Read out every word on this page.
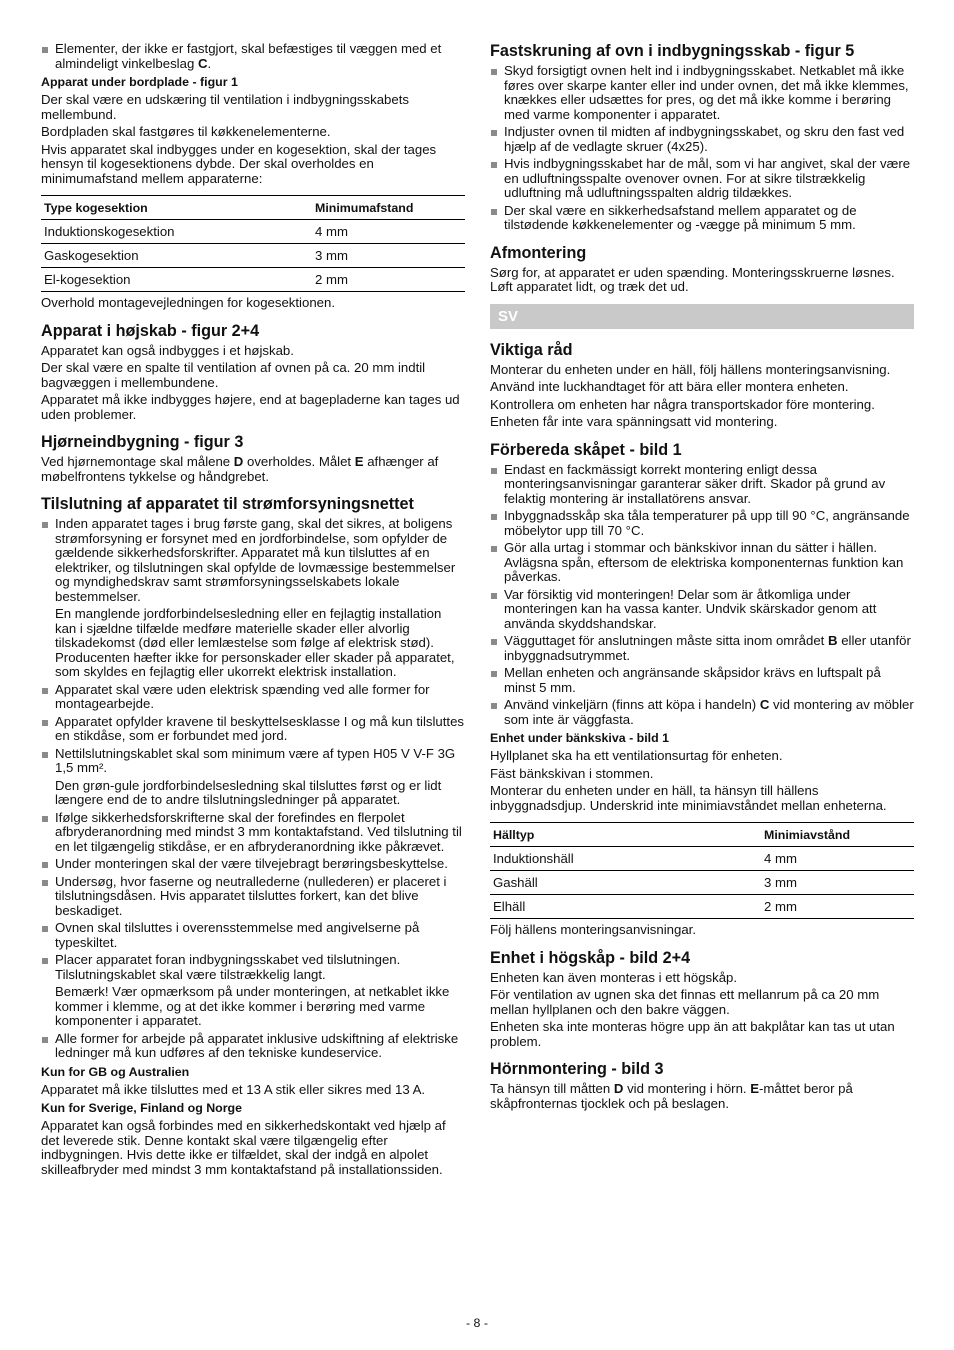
Elementer, der ikke er fastgjort, skal befæstiges til væggen med et almindeligt vinkelbeslag C.

Apparat under bordplade - figur 1

Der skal være en udskæring til ventilation i indbygningsskabets mellembund.

Bordpladen skal fastgøres til køkkenelementerne.

Hvis apparatet skal indbygges under en kogesektion, skal der tages hensyn til kogesektionens dybde. Der skal overholdes en minimumafstand mellem apparaterne:

Type kogesektion	Minimumafstand
Induktionskogesektion	4 mm
Gaskogesektion	3 mm
El-kogesektion	2 mm

Overhold montagevejledningen for kogesektionen.

Apparat i højskab - figur 2+4

Apparatet kan også indbygges i et højskab.

Der skal være en spalte til ventilation af ovnen på ca. 20 mm indtil bagvæggen i mellembundene.

Apparatet må ikke indbygges højere, end at bagepladerne kan tages ud uden problemer.

Hjørneindbygning - figur 3

Ved hjørnemontage skal målene D overholdes. Målet E afhænger af møbelfrontens tykkelse og håndgrebet.

Tilslutning af apparatet til strømforsyningsnettet

Inden apparatet tages i brug første gang, skal det sikres, at boligens strømforsyning er forsynet med en jordforbindelse, som opfylder de gældende sikkerhedsforskrifter. Apparatet må kun tilsluttes af en elektriker, og tilslutningen skal opfylde de lovmæssige bestemmelser og myndighedskrav samt strømforsyningsselskabets lokale bestemmelser.

En manglende jordforbindelsesledning eller en fejlagtig installation kan i sjældne tilfælde medføre materielle skader eller alvorlig tilskadekomst (død eller lemlæstelse som følge af elektrisk stød). Producenten hæfter ikke for personskader eller skader på apparatet, som skyldes en fejlagtig eller ukorrekt elektrisk installation.

Apparatet skal være uden elektrisk spænding ved alle former for montagearbejde.
Apparatet opfylder kravene til beskyttelsesklasse I og må kun tilsluttes en stikdåse, som er forbundet med jord.
Nettilslutningskablet skal som minimum være af typen H05 V V-F 3G 1,5 mm².

Den grøn-gule jordforbindelsesledning skal tilsluttes først og er lidt længere end de to andre tilslutningsledninger på apparatet.

Ifølge sikkerhedsforskrifterne skal der forefindes en flerpolet afbryderanordning med mindst 3 mm kontaktafstand. Ved tilslutning til en let tilgængelig stikdåse, er en afbryderanordning ikke påkrævet.
Under monteringen skal der være tilvejebragt berøringsbeskyttelse.
Undersøg, hvor faserne og neutrallederne (nullederen) er placeret i tilslutningsdåsen. Hvis apparatet tilsluttes forkert, kan det blive beskadiget.
Ovnen skal tilsluttes i overensstemmelse med angivelserne på typeskiltet.
Placer apparatet foran indbygningsskabet ved tilslutningen. Tilslutningskablet skal være tilstrækkelig langt.

Bemærk! Vær opmærksom på under monteringen, at netkablet ikke kommer i klemme, og at det ikke kommer i berøring med varme komponenter i apparatet.

Alle former for arbejde på apparatet inklusive udskiftning af elektriske ledninger må kun udføres af den tekniske kundeservice.

Kun for GB og Australien

Apparatet må ikke tilsluttes med et 13 A stik eller sikres med 13 A.

Kun for Sverige, Finland og Norge

Apparatet kan også forbindes med en sikkerhedskontakt ved hjælp af det leverede stik. Denne kontakt skal være tilgængelig efter indbygningen. Hvis dette ikke er tilfældet, skal der indgå en alpolet skilleafbryder med mindst 3 mm kontaktafstand på installationssiden.

Fastskruning af ovn i indbygningsskab - figur 5

Skyd forsigtigt ovnen helt ind i indbygningsskabet. Netkablet må ikke føres over skarpe kanter eller ind under ovnen, det må ikke klemmes, knækkes eller udsættes for pres, og det må ikke komme i berøring med varme komponenter i apparatet.
Indjuster ovnen til midten af indbygningsskabet, og skru den fast ved hjælp af de vedlagte skruer (4x25).
Hvis indbygningsskabet har de mål, som vi har angivet, skal der være en udluftningsspalte ovenover ovnen. For at sikre tilstrækkelig udluftning må udluftningsspalten aldrig tildækkes.
Der skal være en sikkerhedsafstand mellem apparatet og de tilstødende køkkenelementer og -vægge på minimum 5 mm.

Afmontering

Sørg for, at apparatet er uden spænding. Monteringsskruerne løsnes. Løft apparatet lidt, og træk det ud.

SV

Viktiga råd

Monterar du enheten under en häll, följ hällens monteringsanvisning.

Använd inte luckhandtaget för att bära eller montera enheten.

Kontrollera om enheten har några transportskador före montering.

Enheten får inte vara spänningsatt vid montering.

Förbereda skåpet - bild 1

Endast en fackmässigt korrekt montering enligt dessa monteringsanvisningar garanterar säker drift. Skador på grund av felaktig montering är installatörens ansvar.
Inbyggnadsskåp ska tåla temperaturer på upp till 90 °C, angränsande möbelytor upp till 70 °C.
Gör alla urtag i stommar och bänkskivor innan du sätter i hällen. Avlägsna spån, eftersom de elektriska komponenternas funktion kan påverkas.
Var försiktig vid monteringen! Delar som är åtkomliga under monteringen kan ha vassa kanter. Undvik skärskador genom att använda skyddshandskar.
Vägguttaget för anslutningen måste sitta inom området B eller utanför inbyggnadsutrymmet.
Mellan enheten och angränsande skåpsidor krävs en luftspalt på minst 5 mm.
Använd vinkeljärn (finns att köpa i handeln) C vid montering av möbler som inte är väggfasta.

Enhet under bänkskiva - bild 1

Hyllplanet ska ha ett ventilationsurtag för enheten.

Fäst bänkskivan i stommen.

Monterar du enheten under en häll, ta hänsyn till hällens inbyggnadsdjup. Underskrid inte minimiavståndet mellan enheterna.

Hälltyp	Minimiavstånd
Induktionshäll	4 mm
Gashäll	3 mm
Elhäll	2 mm

Följ hällens monteringsanvisningar.

Enhet i högskåp - bild 2+4

Enheten kan även monteras i ett högskåp.

För ventilation av ugnen ska det finnas ett mellanrum på ca 20 mm mellan hyllplanen och den bakre väggen.

Enheten ska inte monteras högre upp än att bakplåtar kan tas ut utan problem.

Hörnmontering - bild 3

Ta hänsyn till måtten D vid montering i hörn. E-måttet beror på skåpfronternas tjocklek och på beslagen.

- 8 -
